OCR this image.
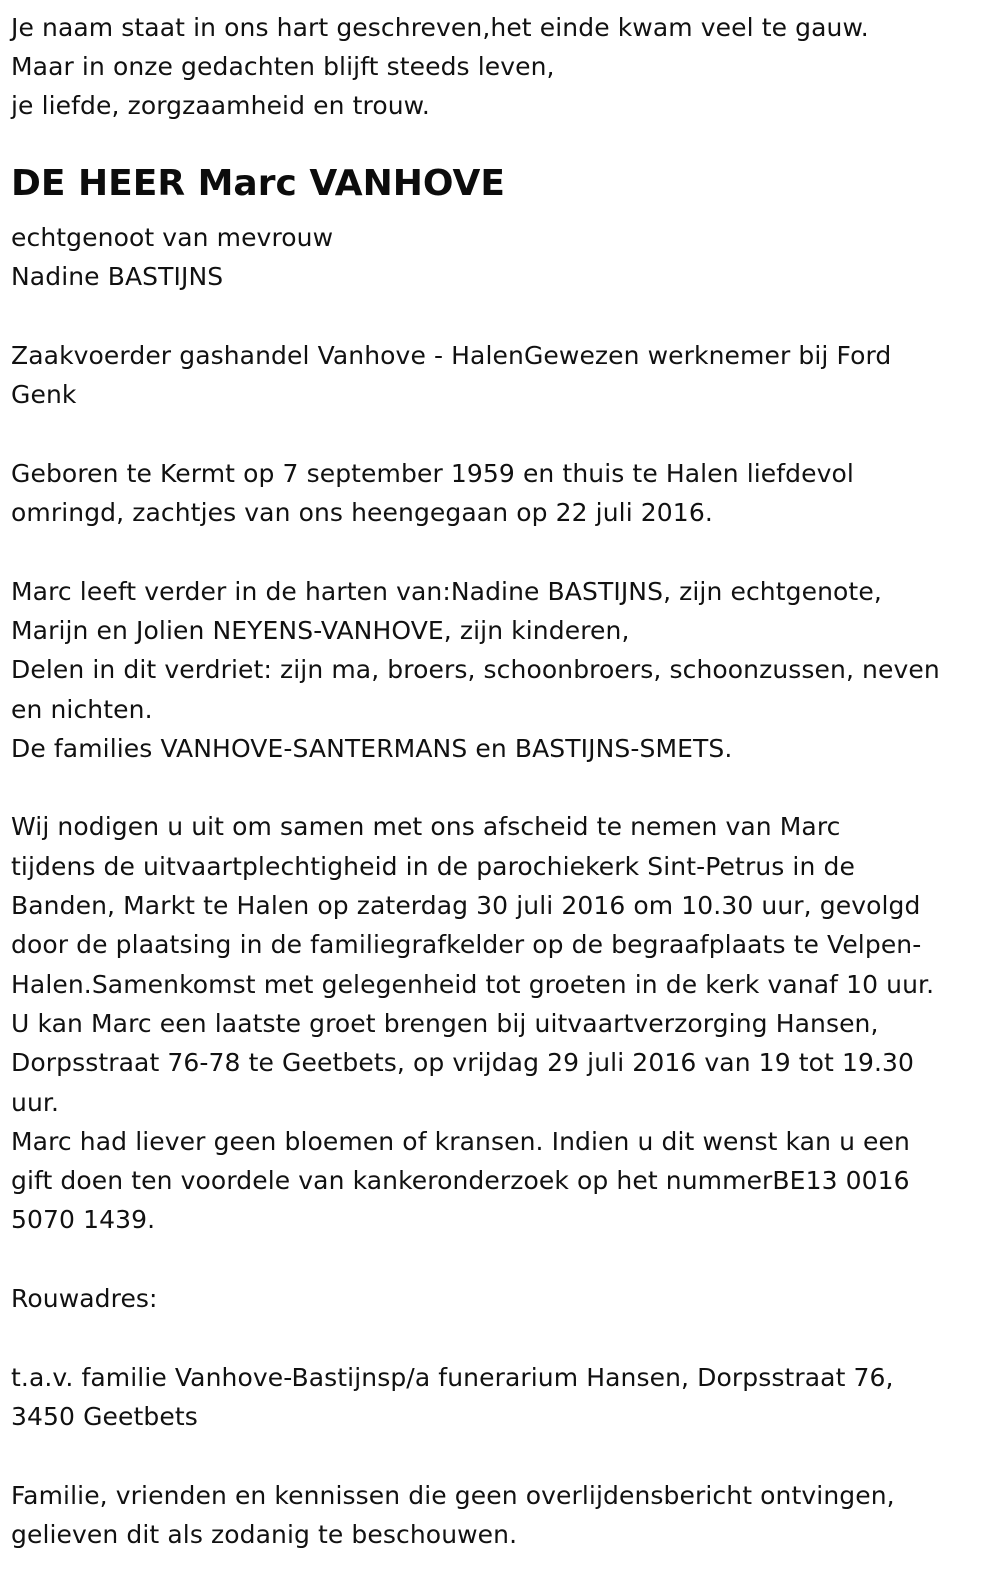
Je naam staat in ons hart geschreven,het einde kwam veel te gauw.
Maar in onze gedachten blijft steeds leven,
je liefde, zorgzaamheid en trouw.
DE HEER Marc VANHOVE
echtgenoot van mevrouw
Nadine BASTIJNS
Zaakvoerder gashandel Vanhove - HalenGewezen werknemer bij Ford
Genk
Geboren te Kermt op 7 september 1959 en thuis te Halen liefdevol
omringd, zachtjes van ons heengegaan op 22 juli 2016.
Marc leeft verder in de harten van:Nadine BASTIJNS, zijn echtgenote,
Marijn en Jolien NEYENS-VANHOVE, zijn kinderen,
Delen in dit verdriet: zijn ma, broers, schoonbroers, schoonzussen, neven
en nichten.
De families VANHOVE-SANTERMANS en BASTIJNS-SMETS.
Wij nodigen u uit om samen met ons afscheid te nemen van Marc
tijdens de uitvaartplechtigheid in de parochiekerk Sint-Petrus in de
Banden, Markt te Halen op zaterdag 30 juli 2016 om 10.30 uur, gevolgd
door de plaatsing in de familiegrafkelder op de begraafplaats te Velpen-
Halen.Samenkomst met gelegenheid tot groeten in de kerk vanaf 10 uur.
U kan Marc een laatste groet brengen bij uitvaartverzorging Hansen,
Dorpsstraat 76-78 te Geetbets, op vrijdag 29 juli 2016 van 19 tot 19.30
uur.
Marc had liever geen bloemen of kransen. Indien u dit wenst kan u een
gift doen ten voordele van kankeronderzoek op het nummerBE13 0016
5070 1439.
Rouwadres:
t.a.v. familie Vanhove-Bastijnsp/a funerarium Hansen, Dorpsstraat 76,
3450 Geetbets
Familie, vrienden en kennissen die geen overlijdensbericht ontvingen,
gelieven dit als zodanig te beschouwen.
